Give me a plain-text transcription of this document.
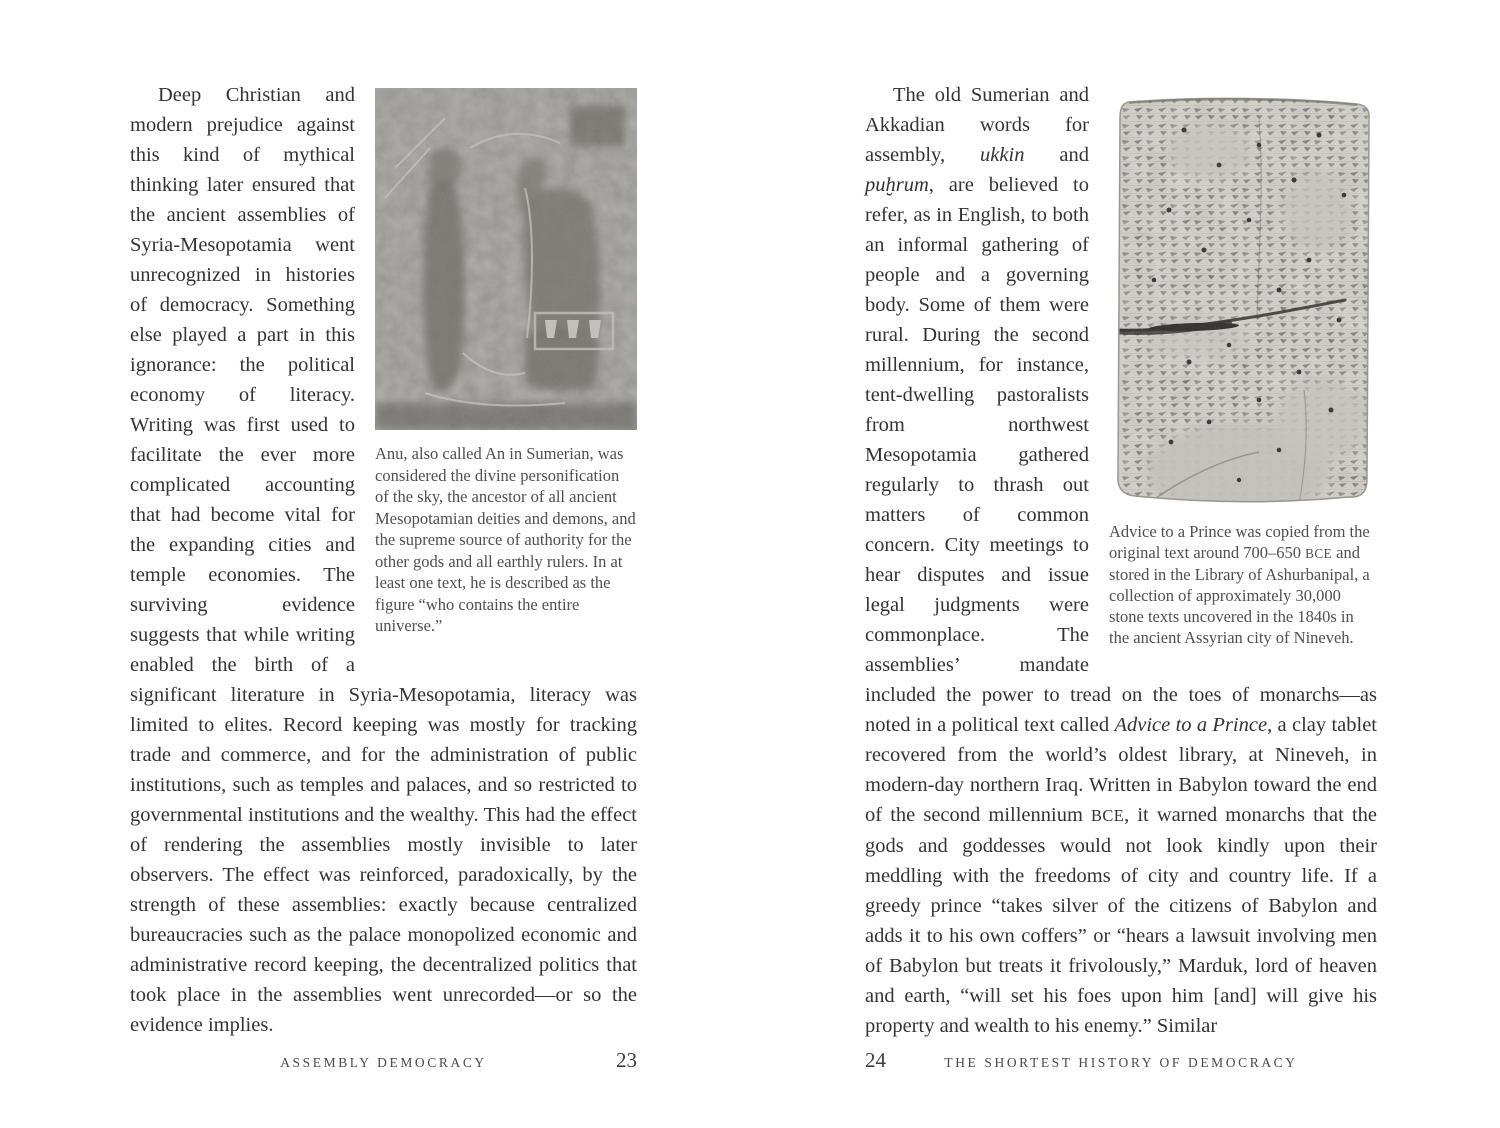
Anu, also called An in Sumerian, was considered the divine personification of the sky, the ancestor of all ancient Mesopotamian deities and demons, and the supreme source of authority for the other gods and all earthly rulers. In at least one text, he is described as the figure “who contains the entire universe.”

Deep Christian and modern prejudice against this kind of mythical thinking later ensured that the ancient assemblies of Syria-Mesopotamia went unrecognized in histories of democracy. Something else played a part in this ignorance: the political economy of literacy. Writing was first used to facilitate the ever more complicated accounting that had become vital for the expanding cities and temple economies. The surviving evidence suggests that while writing enabled the birth of a significant literature in Syria-Mesopotamia, literacy was limited to elites. Record keeping was mostly for tracking trade and commerce, and for the administration of public institutions, such as temples and palaces, and so restricted to governmental institutions and the wealthy. This had the effect of rendering the assemblies mostly invisible to later observers. The effect was reinforced, paradoxically, by the strength of these assemblies: exactly because centralized bureaucracies such as the palace monopolized economic and administrative record keeping, the decentralized politics that took place in the assemblies went unrecorded—or so the evidence implies.

ASSEMBLY DEMOCRACY	23
Advice to a Prince was copied from the original text around 700–650 BCE and stored in the Library of Ashurbanipal, a collection of approximately 30,000 stone texts uncovered in the 1840s in the ancient Assyrian city of Nineveh.

The old Sumerian and Akkadian words for assembly, ukkin and puḫrum, are believed to refer, as in English, to both an informal gathering of people and a governing body. Some of them were rural. During the second millennium, for instance, tent-dwelling pastoralists from northwest Mesopotamia gathered regularly to thrash out matters of common concern. City meetings to hear disputes and issue legal judgments were commonplace. The assemblies’ mandate included the power to tread on the toes of monarchs—as noted in a political text called Advice to a Prince, a clay tablet recovered from the world’s oldest library, at Nineveh, in modern-day northern Iraq. Written in Babylon toward the end of the second millennium BCE, it warned monarchs that the gods and goddesses would not look kindly upon their meddling with the freedoms of city and country life. If a greedy prince “takes silver of the citizens of Babylon and adds it to his own coffers” or “hears a lawsuit involving men of Babylon but treats it frivolously,” Marduk, lord of heaven and earth, “will set his foes upon him [and] will give his property and wealth to his enemy.” Similar

24	THE SHORTEST HISTORY OF DEMOCRACY
